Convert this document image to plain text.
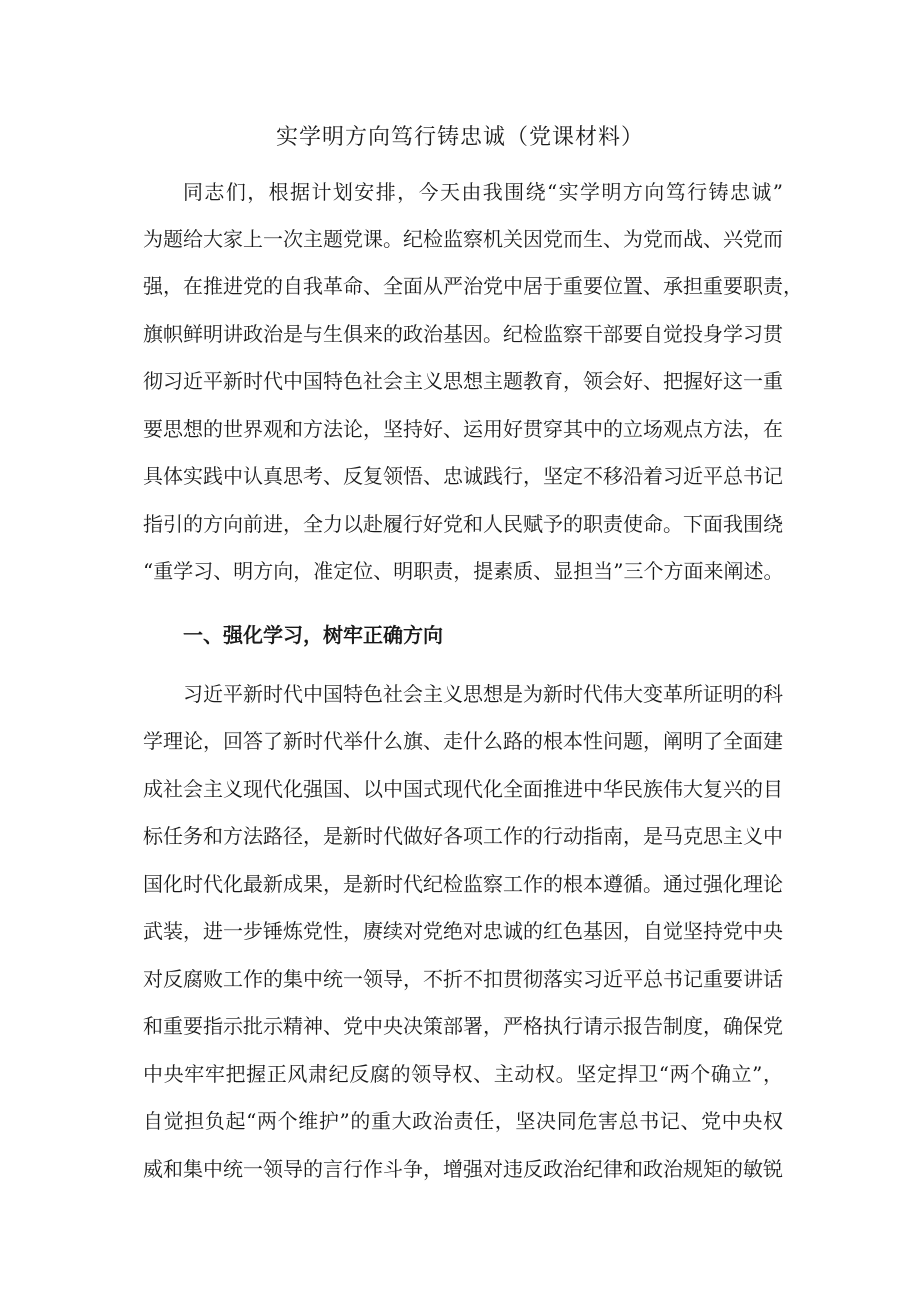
实学明方向笃行铸忠诚（党课材料）

同志们，根据计划安排，今天由我围绕“实学明方向笃行铸忠诚”

为题给大家上一次主题党课。纪检监察机关因党而生、为党而战、兴党而

强，在推进党的自我革命、全面从严治党中居于重要位置、承担重要职责，

旗帜鲜明讲政治是与生俱来的政治基因。纪检监察干部要自觉投身学习贯

彻习近平新时代中国特色社会主义思想主题教育，领会好、把握好这一重

要思想的世界观和方法论，坚持好、运用好贯穿其中的立场观点方法，在

具体实践中认真思考、反复领悟、忠诚践行，坚定不移沿着习近平总书记

指引的方向前进，全力以赴履行好党和人民赋予的职责使命。下面我围绕

“重学习、明方向，准定位、明职责，提素质、显担当”三个方面来阐述。

一、强化学习，树牢正确方向

习近平新时代中国特色社会主义思想是为新时代伟大变革所证明的科

学理论，回答了新时代举什么旗、走什么路的根本性问题，阐明了全面建

成社会主义现代化强国、以中国式现代化全面推进中华民族伟大复兴的目

标任务和方法路径，是新时代做好各项工作的行动指南，是马克思主义中

国化时代化最新成果，是新时代纪检监察工作的根本遵循。通过强化理论

武装，进一步锤炼党性，赓续对党绝对忠诚的红色基因，自觉坚持党中央

对反腐败工作的集中统一领导，不折不扣贯彻落实习近平总书记重要讲话

和重要指示批示精神、党中央决策部署，严格执行请示报告制度，确保党

中央牢牢把握正风肃纪反腐的领导权、主动权。坚定捍卫“两个确立”，

自觉担负起“两个维护”的重大政治责任，坚决同危害总书记、党中央权

威和集中统一领导的言行作斗争，增强对违反政治纪律和政治规矩的敏锐
